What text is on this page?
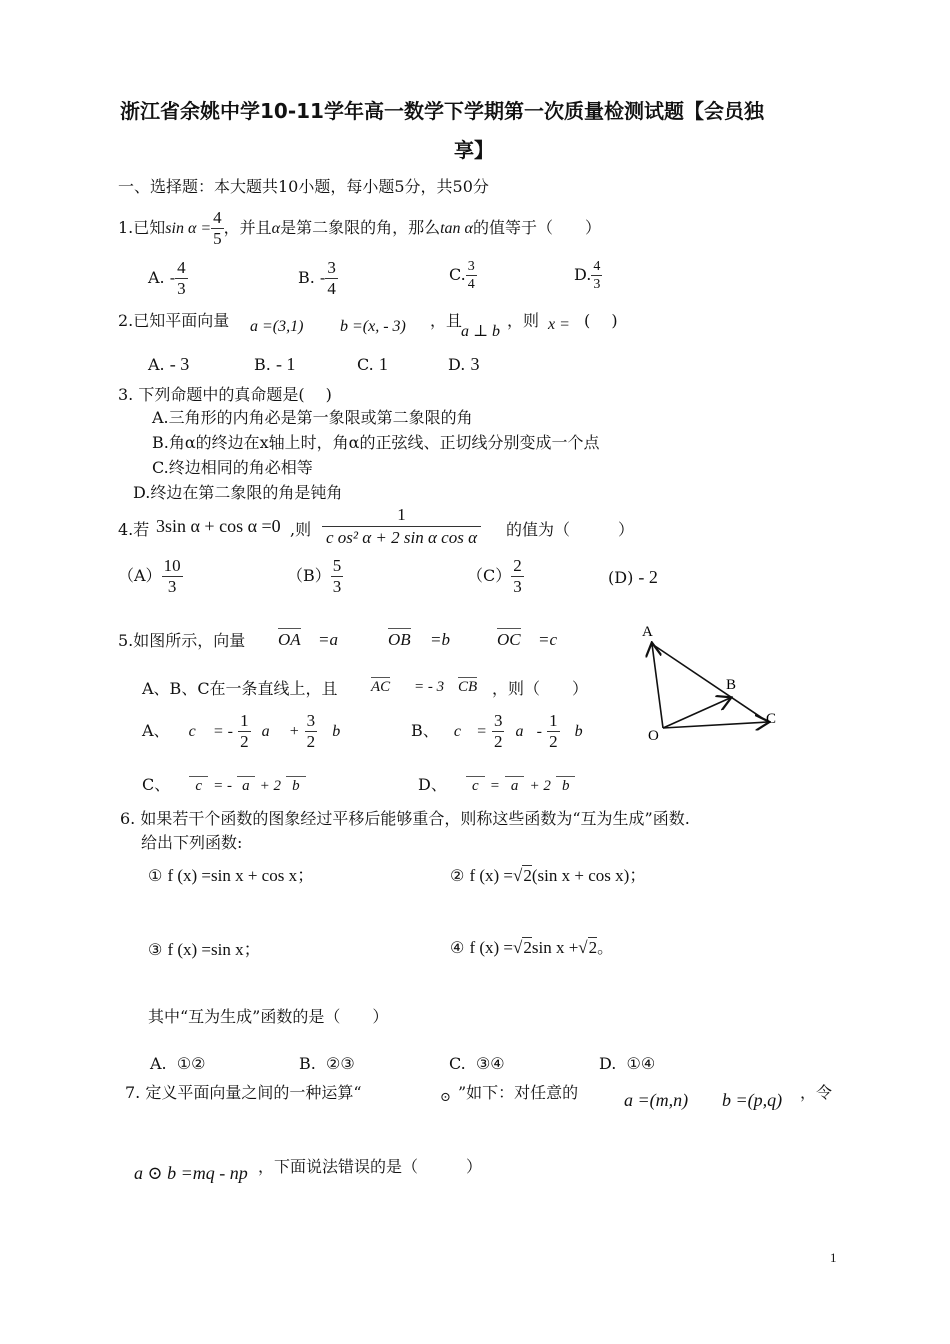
浙江省余姚中学10-11学年高一数学下学期第一次质量检测试题【会员独
享】
一、选择题：本大题共10小题，每小题5分，共50分
1.已知$\sin \alpha = \frac{4}{5}$ ，并且α是第二象限的角，那么tan α的值等于（　　）
A. - $\frac{4}{3}$	B. - $\frac{3}{4}$	C. $\frac{3}{4}$	D. $\frac{4}{3}$
2.已知平面向量 a =(3,1) b =(x, - 3) ，且
a ⊥ b
，则 x = (　 )
A. - 3	B. - 1	C. 1	D. 3
3. 下列命题中的真命题是(　 )
A.三角形的内角必是第一象限或第二象限的角
B.角α的终边在x轴上时，角α的正弦线、正切线分别变成一个点
C.终边相同的角必相等
D.终边在第二象限的角是钝角
4.若 3sin α + cos α =0 ,则 $\frac{1}{\text{c os² α + 2 sin α cos α}}$ 的值为（　　　）
$(A) \frac{10}{3}$	$(B) \frac{5}{3}$	$(C) \frac{2}{3}$	(D) - 2
5.如图所示，向量 OA =a	OB =b	OC =c
A、B、C在一条直线上，且 AC = - 3 CB ，则（　　）
A、 c = - $\frac{1}{2}$ $a + \frac{3}{2}$ b	B、 $c = \frac{3}{2}$ a - $\frac{1}{2}$ b
C、 c = - a + 2 b	D、 c = a + 2 b
A
B
C
O
6. 如果若干个函数的图象经过平移后能够重合，则称这些函数为“互为生成”函数.
给出下列函数:
① f (x) =sin x + cos x；	② f (x) =√2(sin x + cos x)；
③ f (x) =sin x；	④ f (x) =√2sin x +√2。
其中“互为生成”函数的是（　　）
A. ①②	B. ②③	C. ③④	D. ①④
7. 定义平面向量之间的一种运算“	⊙ ”如下：对任意的	a =(m,n) b =(p,q) ，令
a ⊙ b =mq - np ，下面说法错误的是（　　　）
1
